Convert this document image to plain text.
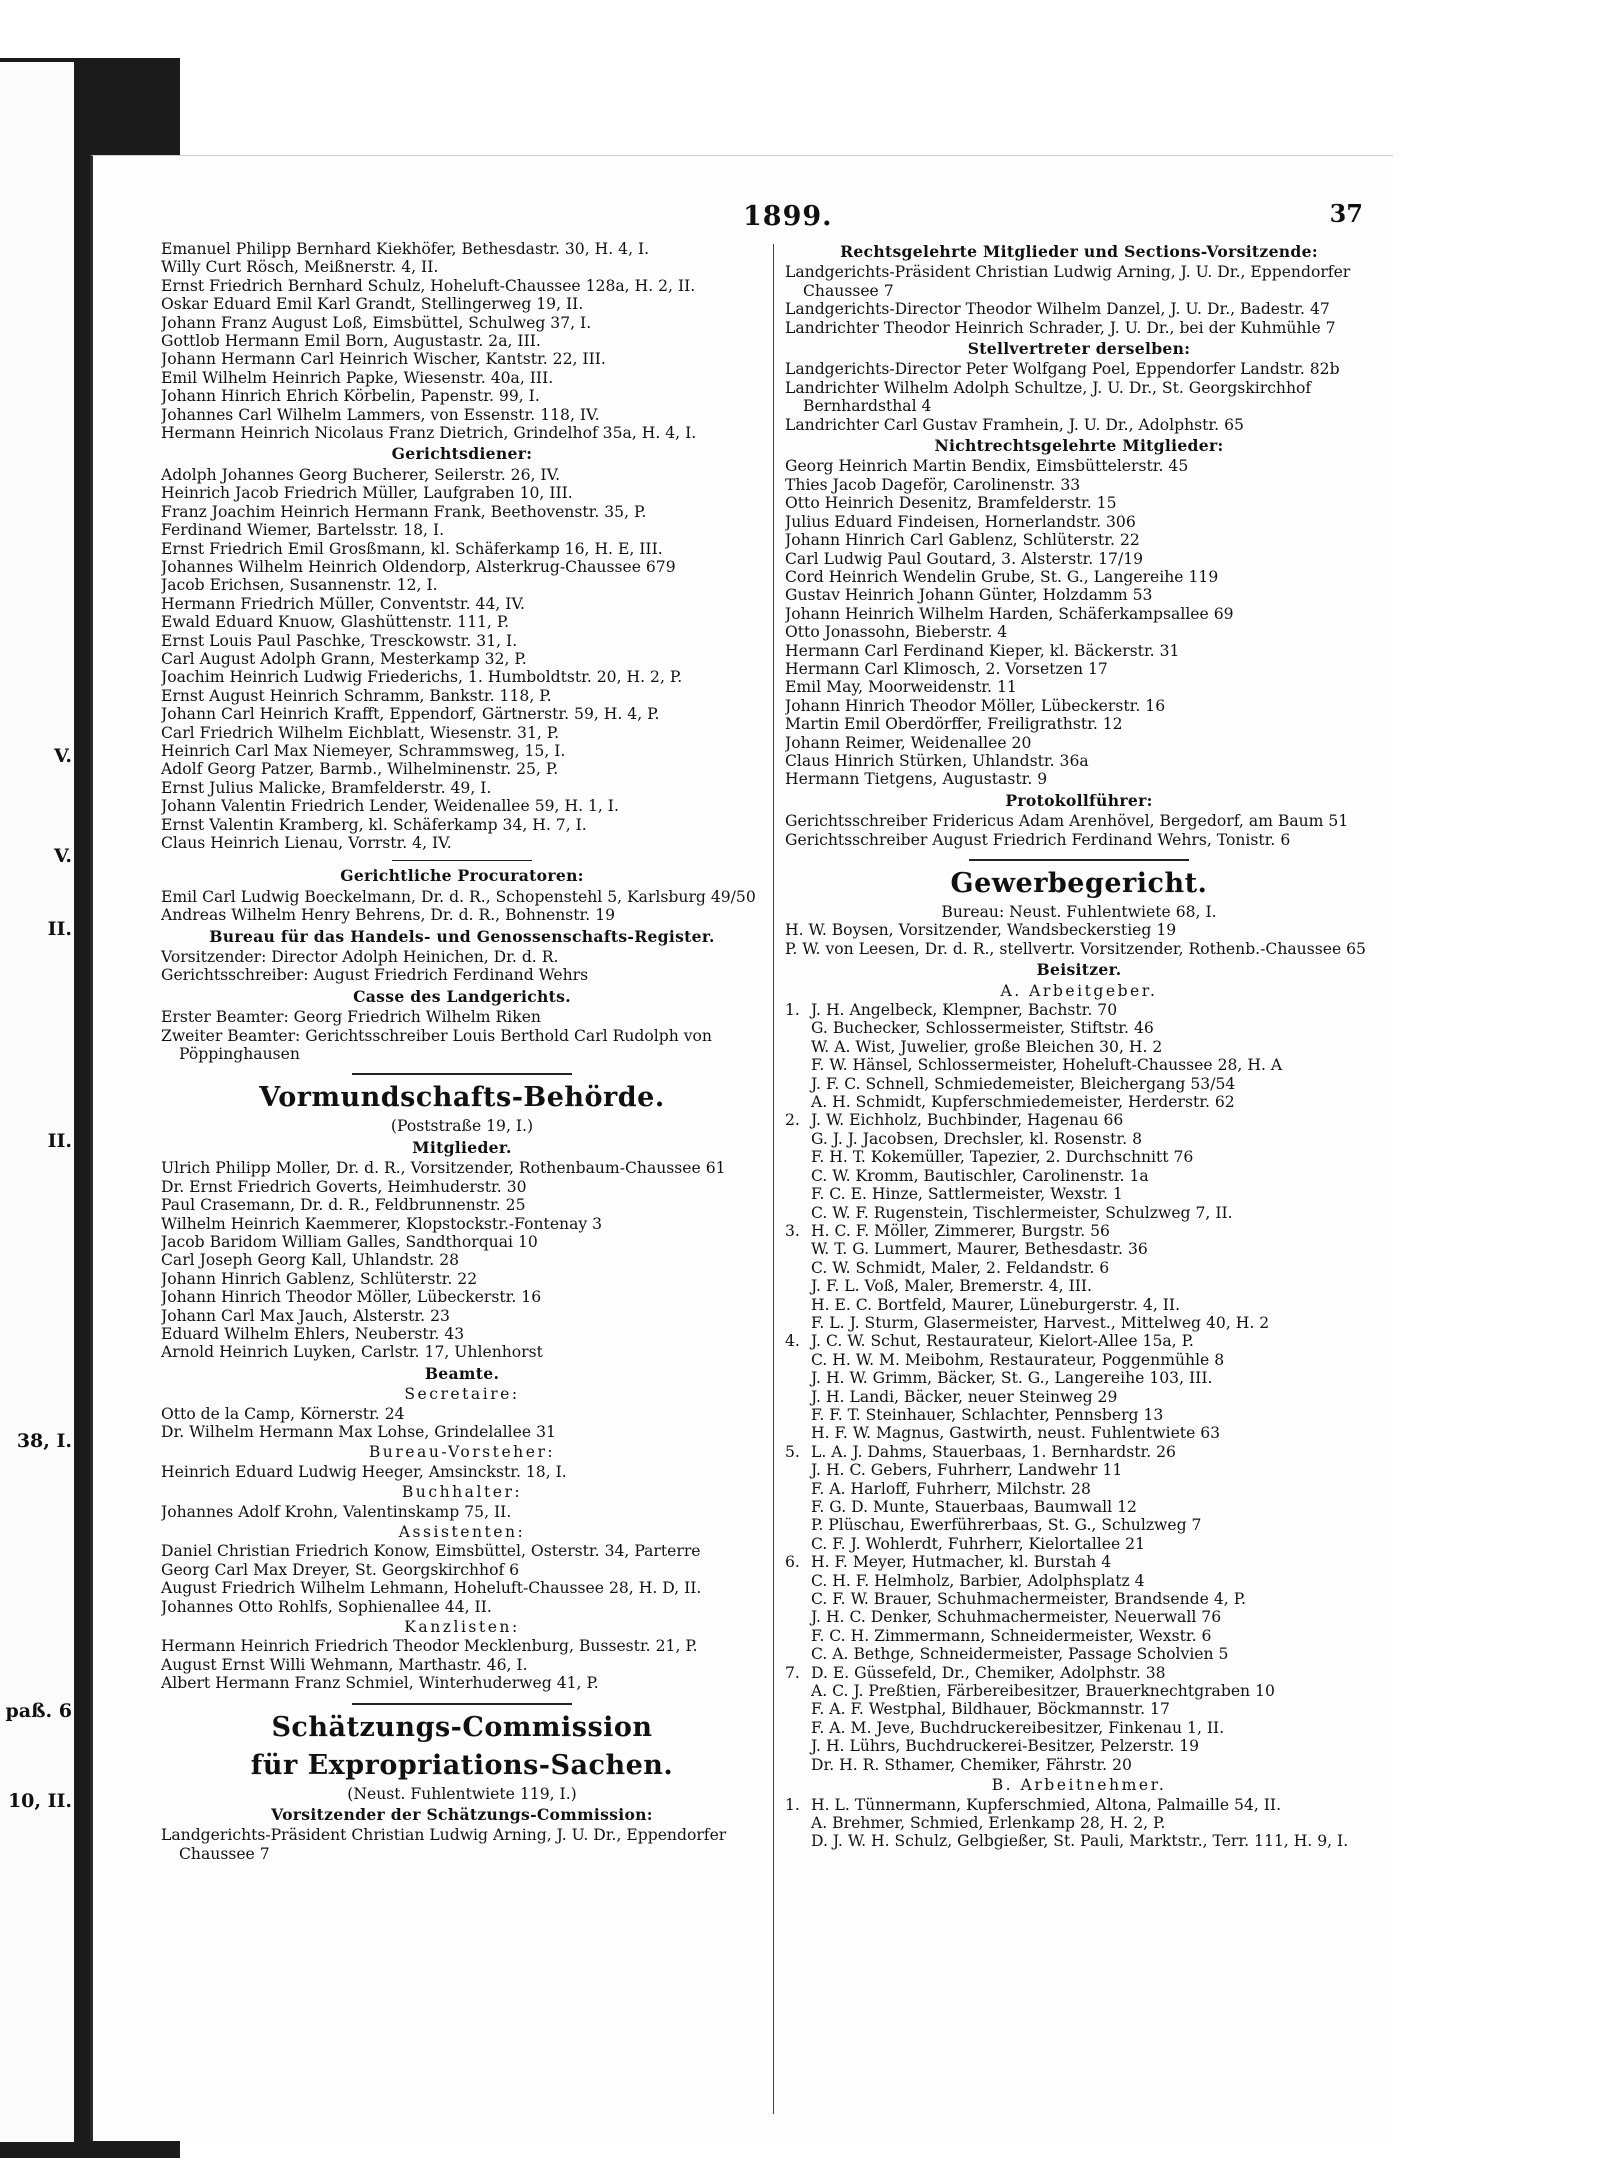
V.
V.
II.
II.
38, I.
paß. 6
10, II.
1899.	37
Emanuel Philipp Bernhard Kiekhöfer, Bethesdastr. 30, H. 4, I.
Willy Curt Rösch, Meißnerstr. 4, II.
Ernst Friedrich Bernhard Schulz, Hoheluft-Chaussee 128a, H. 2, II.
Oskar Eduard Emil Karl Grandt, Stellingerweg 19, II.
Johann Franz August Loß, Eimsbüttel, Schulweg 37, I.
Gottlob Hermann Emil Born, Augustastr. 2a, III.
Johann Hermann Carl Heinrich Wischer, Kantstr. 22, III.
Emil Wilhelm Heinrich Papke, Wiesenstr. 40a, III.
Johann Hinrich Ehrich Körbelin, Papenstr. 99, I.
Johannes Carl Wilhelm Lammers, von Essenstr. 118, IV.
Hermann Heinrich Nicolaus Franz Dietrich, Grindelhof 35a, H. 4, I.
Gerichtsdiener:
Adolph Johannes Georg Bucherer, Seilerstr. 26, IV.
Heinrich Jacob Friedrich Müller, Laufgraben 10, III.
Franz Joachim Heinrich Hermann Frank, Beethovenstr. 35, P.
Ferdinand Wiemer, Bartelsstr. 18, I.
Ernst Friedrich Emil Grosßmann, kl. Schäferkamp 16, H. E, III.
Johannes Wilhelm Heinrich Oldendorp, Alsterkrug-Chaussee 679
Jacob Erichsen, Susannenstr. 12, I.
Hermann Friedrich Müller, Conventstr. 44, IV.
Ewald Eduard Knuow, Glashüttenstr. 111, P.
Ernst Louis Paul Paschke, Tresckowstr. 31, I.
Carl August Adolph Grann, Mesterkamp 32, P.
Joachim Heinrich Ludwig Friederichs, 1. Humboldtstr. 20, H. 2, P.
Ernst August Heinrich Schramm, Bankstr. 118, P.
Johann Carl Heinrich Krafft, Eppendorf, Gärtnerstr. 59, H. 4, P.
Carl Friedrich Wilhelm Eichblatt, Wiesenstr. 31, P.
Heinrich Carl Max Niemeyer, Schrammsweg, 15, I.
Adolf Georg Patzer, Barmb., Wilhelminenstr. 25, P.
Ernst Julius Malicke, Bramfelderstr. 49, I.
Johann Valentin Friedrich Lender, Weidenallee 59, H. 1, I.
Ernst Valentin Kramberg, kl. Schäferkamp 34, H. 7, I.
Claus Heinrich Lienau, Vorrstr. 4, IV.
Gerichtliche Procuratoren:
Emil Carl Ludwig Boeckelmann, Dr. d. R., Schopenstehl 5, Karlsburg 49/50
Andreas Wilhelm Henry Behrens, Dr. d. R., Bohnenstr. 19
Bureau für das Handels- und Genossenschafts-Register.
Vorsitzender: Director Adolph Heinichen, Dr. d. R.
Gerichtsschreiber: August Friedrich Ferdinand Wehrs
Casse des Landgerichts.
Erster Beamter: Georg Friedrich Wilhelm Riken
Zweiter Beamter: Gerichtsschreiber Louis Berthold Carl Rudolph von Pöppinghausen
Vormundschafts-Behörde.
(Poststraße 19, I.)
Mitglieder.
Ulrich Philipp Moller, Dr. d. R., Vorsitzender, Rothenbaum-Chaussee 61
Dr. Ernst Friedrich Goverts, Heimhuderstr. 30
Paul Crasemann, Dr. d. R., Feldbrunnenstr. 25
Wilhelm Heinrich Kaemmerer, Klopstockstr.-Fontenay 3
Jacob Baridom William Galles, Sandthorquai 10
Carl Joseph Georg Kall, Uhlandstr. 28
Johann Hinrich Gablenz, Schlüterstr. 22
Johann Hinrich Theodor Möller, Lübeckerstr. 16
Johann Carl Max Jauch, Alsterstr. 23
Eduard Wilhelm Ehlers, Neuberstr. 43
Arnold Heinrich Luyken, Carlstr. 17, Uhlenhorst
Beamte.
Secretaire:
Otto de la Camp, Körnerstr. 24
Dr. Wilhelm Hermann Max Lohse, Grindelallee 31
Bureau-Vorsteher:
Heinrich Eduard Ludwig Heeger, Amsinckstr. 18, I.
Buchhalter:
Johannes Adolf Krohn, Valentinskamp 75, II.
Assistenten:
Daniel Christian Friedrich Konow, Eimsbüttel, Osterstr. 34, Parterre
Georg Carl Max Dreyer, St. Georgskirchhof 6
August Friedrich Wilhelm Lehmann, Hoheluft-Chaussee 28, H. D, II.
Johannes Otto Rohlfs, Sophienallee 44, II.
Kanzlisten:
Hermann Heinrich Friedrich Theodor Mecklenburg, Bussestr. 21, P.
August Ernst Willi Wehmann, Marthastr. 46, I.
Albert Hermann Franz Schmiel, Winterhuderweg 41, P.
Schätzungs-Commission
für Expropriations-Sachen.
(Neust. Fuhlentwiete 119, I.)
Vorsitzender der Schätzungs-Commission:
Landgerichts-Präsident Christian Ludwig Arning, J. U. Dr., Eppendorfer Chaussee 7
Rechtsgelehrte Mitglieder und Sections-Vorsitzende:
Landgerichts-Präsident Christian Ludwig Arning, J. U. Dr., Eppendorfer Chaussee 7
Landgerichts-Director Theodor Wilhelm Danzel, J. U. Dr., Badestr. 47
Landrichter Theodor Heinrich Schrader, J. U. Dr., bei der Kuhmühle 7
Stellvertreter derselben:
Landgerichts-Director Peter Wolfgang Poel, Eppendorfer Landstr. 82b
Landrichter Wilhelm Adolph Schultze, J. U. Dr., St. Georgskirchhof Bernhardsthal 4
Landrichter Carl Gustav Framhein, J. U. Dr., Adolphstr. 65
Nichtrechtsgelehrte Mitglieder:
Georg Heinrich Martin Bendix, Eimsbüttelerstr. 45
Thies Jacob Dageför, Carolinenstr. 33
Otto Heinrich Desenitz, Bramfelderstr. 15
Julius Eduard Findeisen, Hornerlandstr. 306
Johann Hinrich Carl Gablenz, Schlüterstr. 22
Carl Ludwig Paul Goutard, 3. Alsterstr. 17/19
Cord Heinrich Wendelin Grube, St. G., Langereihe 119
Gustav Heinrich Johann Günter, Holzdamm 53
Johann Heinrich Wilhelm Harden, Schäferkampsallee 69
Otto Jonassohn, Bieberstr. 4
Hermann Carl Ferdinand Kieper, kl. Bäckerstr. 31
Hermann Carl Klimosch, 2. Vorsetzen 17
Emil May, Moorweidenstr. 11
Johann Hinrich Theodor Möller, Lübeckerstr. 16
Martin Emil Oberdörffer, Freiligrathstr. 12
Johann Reimer, Weidenallee 20
Claus Hinrich Stürken, Uhlandstr. 36a
Hermann Tietgens, Augustastr. 9
Protokollführer:
Gerichtsschreiber Fridericus Adam Arenhövel, Bergedorf, am Baum 51
Gerichtsschreiber August Friedrich Ferdinand Wehrs, Tonistr. 6
Gewerbegericht.
Bureau: Neust. Fuhlentwiete 68, I.
H. W. Boysen, Vorsitzender, Wandsbeckerstieg 19
P. W. von Leesen, Dr. d. R., stellvertr. Vorsitzender, Rothenb.-Chaussee 65
Beisitzer.
A. Arbeitgeber.
1. J. H. Angelbeck, Klempner, Bachstr. 70
G. Buchecker, Schlossermeister, Stiftstr. 46
W. A. Wist, Juwelier, große Bleichen 30, H. 2
F. W. Hänsel, Schlossermeister, Hoheluft-Chaussee 28, H. A
J. F. C. Schnell, Schmiedemeister, Bleichergang 53/54
A. H. Schmidt, Kupferschmiedemeister, Herderstr. 62
2. J. W. Eichholz, Buchbinder, Hagenau 66
G. J. J. Jacobsen, Drechsler, kl. Rosenstr. 8
F. H. T. Kokemüller, Tapezier, 2. Durchschnitt 76
C. W. Kromm, Bautischler, Carolinenstr. 1a
F. C. E. Hinze, Sattlermeister, Wexstr. 1
C. W. F. Rugenstein, Tischlermeister, Schulzweg 7, II.
3. H. C. F. Möller, Zimmerer, Burgstr. 56
W. T. G. Lummert, Maurer, Bethesdastr. 36
C. W. Schmidt, Maler, 2. Feldandstr. 6
J. F. L. Voß, Maler, Bremerstr. 4, III.
H. E. C. Bortfeld, Maurer, Lüneburgerstr. 4, II.
F. L. J. Sturm, Glasermeister, Harvest., Mittelweg 40, H. 2
4. J. C. W. Schut, Restaurateur, Kielort-Allee 15a, P.
C. H. W. M. Meibohm, Restaurateur, Poggenmühle 8
J. H. W. Grimm, Bäcker, St. G., Langereihe 103, III.
J. H. Landi, Bäcker, neuer Steinweg 29
F. F. T. Steinhauer, Schlachter, Pennsberg 13
H. F. W. Magnus, Gastwirth, neust. Fuhlentwiete 63
5. L. A. J. Dahms, Stauerbaas, 1. Bernhardstr. 26
J. H. C. Gebers, Fuhrherr, Landwehr 11
F. A. Harloff, Fuhrherr, Milchstr. 28
F. G. D. Munte, Stauerbaas, Baumwall 12
P. Plüschau, Ewerführerbaas, St. G., Schulzweg 7
C. F. J. Wohlerdt, Fuhrherr, Kielortallee 21
6. H. F. Meyer, Hutmacher, kl. Burstah 4
C. H. F. Helmholz, Barbier, Adolphsplatz 4
C. F. W. Brauer, Schuhmachermeister, Brandsende 4, P.
J. H. C. Denker, Schuhmachermeister, Neuerwall 76
F. C. H. Zimmermann, Schneidermeister, Wexstr. 6
C. A. Bethge, Schneidermeister, Passage Scholvien 5
7. D. E. Güssefeld, Dr., Chemiker, Adolphstr. 38
A. C. J. Preßtien, Färbereibesitzer, Brauerknechtgraben 10
F. A. F. Westphal, Bildhauer, Böckmannstr. 17
F. A. M. Jeve, Buchdruckereibesitzer, Finkenau 1, II.
J. H. Lührs, Buchdruckerei-Besitzer, Pelzerstr. 19
Dr. H. R. Sthamer, Chemiker, Fährstr. 20
B. Arbeitnehmer.
1. H. L. Tünnermann, Kupferschmied, Altona, Palmaille 54, II.
A. Brehmer, Schmied, Erlenkamp 28, H. 2, P.
D. J. W. H. Schulz, Gelbgießer, St. Pauli, Marktstr., Terr. 111, H. 9, I.
